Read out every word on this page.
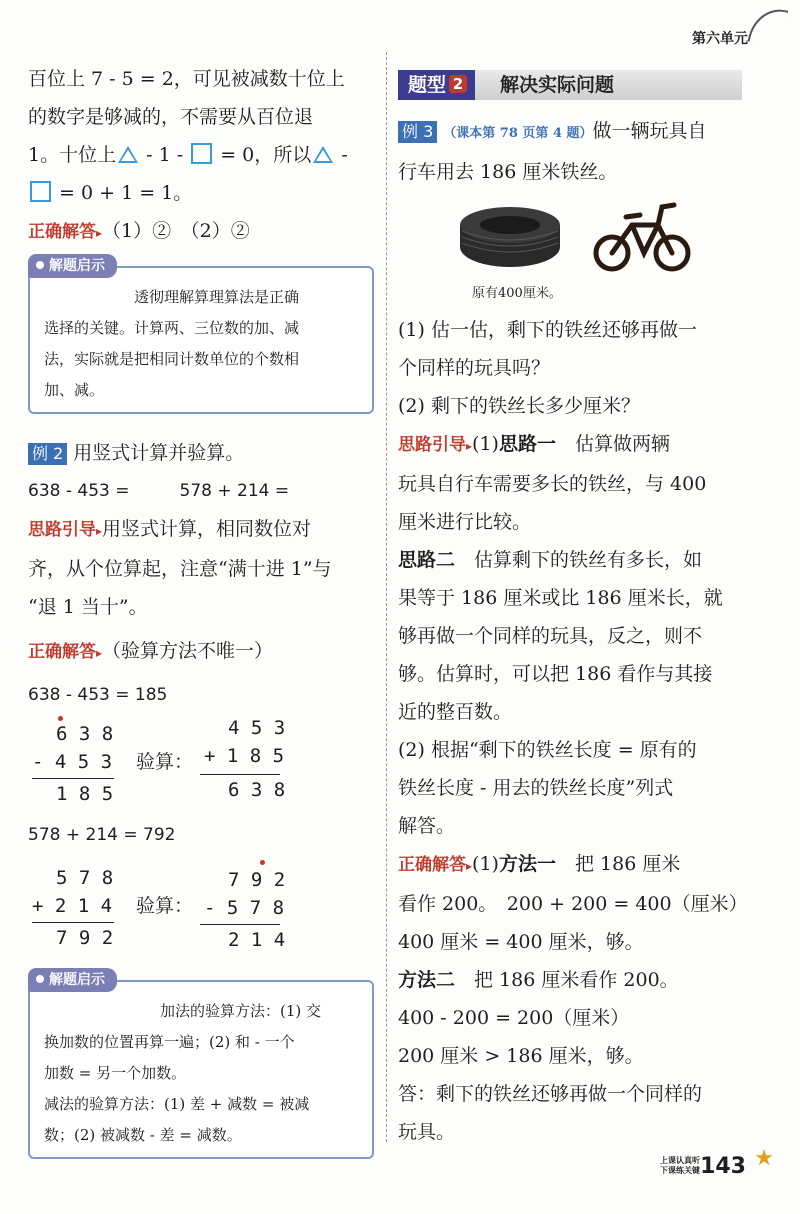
第六单元
百位上 7 - 5 = 2，可见被减数十位上
的数字是够减的，不需要从百位退
1。十位上 - 1 -  = 0，所以 -
= 0 + 1 = 1。
正确解答▸（1）②　（2）②
解题启示
透彻理解算理算法是正确
选择的关键。计算两、三位数的加、减
法，实际就是把相同计数单位的个数相
加、减。
例 2 用竖式计算并验算。
638 - 453 =	578 + 214 =
思路引导▸用竖式计算，相同数位对
齐，从个位算起，注意“满十进 1”与
“退 1 当十”。
正确解答▸（验算方法不唯一）
638 - 453 = 185
6 3 8
- 4 5 3
1 8 5
验算：
4 5 3
+ 1 8 5
6 3 8
578 + 214 = 792
5 7 8
+ 2 1 4
7 9 2
验算：
7 9 2
- 5 7 8
2 1 4
解题启示
加法的验算方法：(1) 交
换加数的位置再算一遍；(2) 和 - 一个
加数 = 另一个加数。
减法的验算方法：(1) 差 + 减数 = 被减
数；(2) 被减数 - 差 = 减数。
题型 2	解决实际问题
例 3 （课本第 78 页第 4 题）做一辆玩具自
行车用去 186 厘米铁丝。
原有400厘米。
(1) 估一估，剩下的铁丝还够再做一
个同样的玩具吗？
(2) 剩下的铁丝长多少厘米？
思路引导▸(1)思路一　 估算做两辆
玩具自行车需要多长的铁丝，与 400
厘米进行比较。
思路二　 估算剩下的铁丝有多长，如
果等于 186 厘米或比 186 厘米长，就
够再做一个同样的玩具，反之，则不
够。估算时，可以把 186 看作与其接
近的整百数。
(2) 根据“剩下的铁丝长度 = 原有的
铁丝长度 - 用去的铁丝长度”列式
解答。
正确解答▸(1)方法一　 把 186 厘米
看作 200。　200 + 200 = 400（厘米）
400 厘米 = 400 厘米，够。
方法二　 把 186 厘米看作 200。
400 - 200 = 200（厘米）
200 厘米 > 186 厘米，够。
答：剩下的铁丝还够再做一个同样的
玩具。
上课认真听
下课练关键 143 ★
